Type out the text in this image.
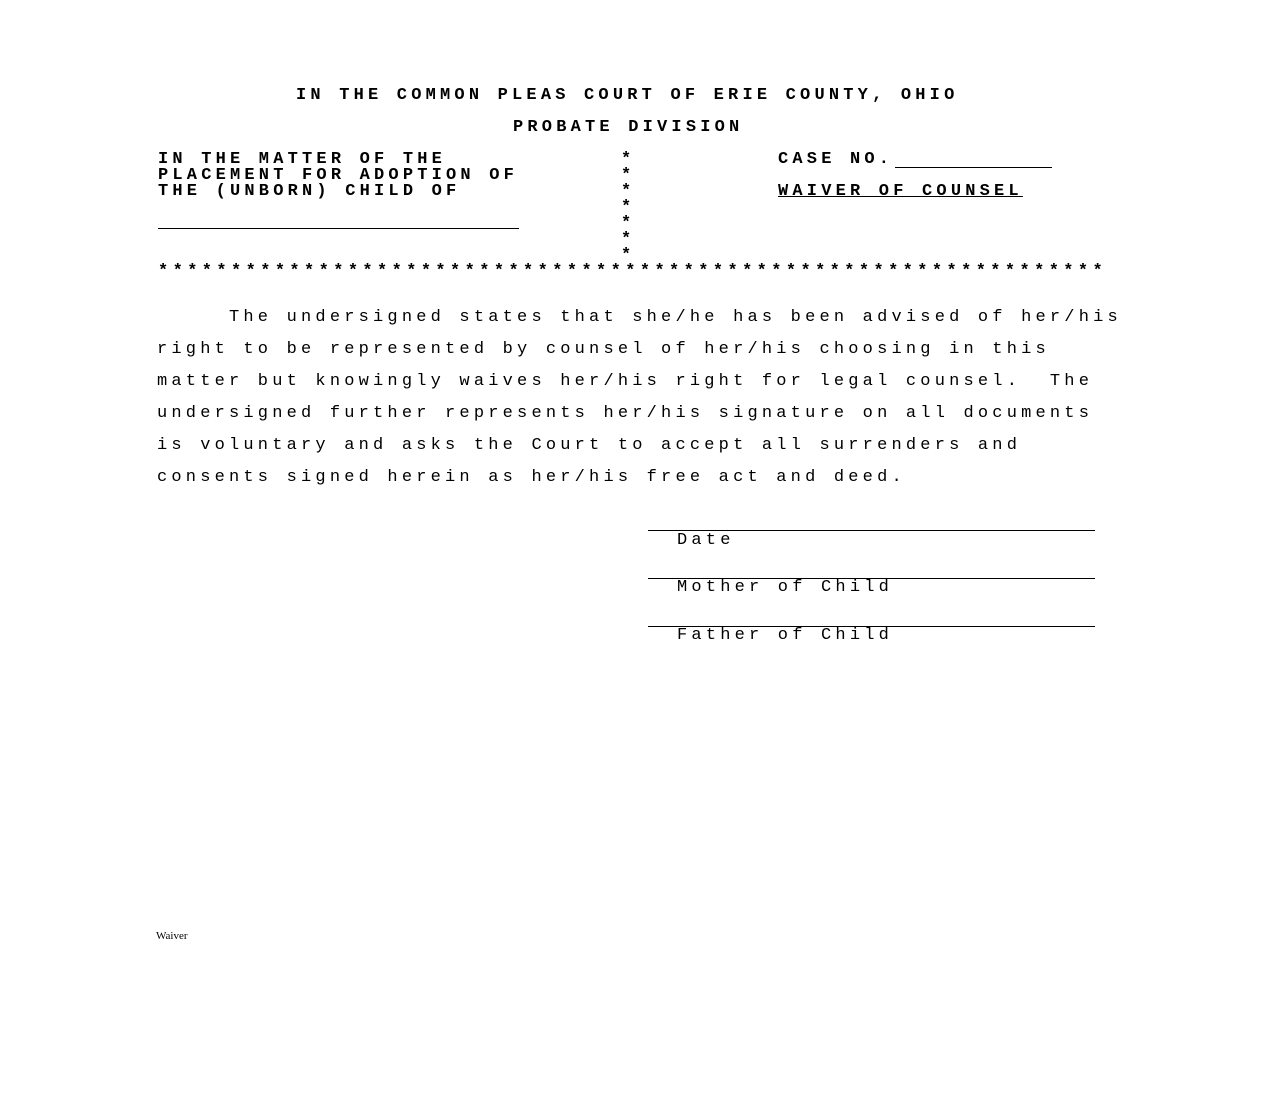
IN THE COMMON PLEAS COURT OF ERIE COUNTY, OHIO
PROBATE DIVISION
IN THE MATTER OF THE
PLACEMENT FOR ADOPTION OF
THE (UNBORN) CHILD OF
*
*
*
*
*
*
*
CASE NO.
WAIVER OF COUNSEL
*****************************************************************
The undersigned states that she/he has been advised of her/his
right to be represented by counsel of her/his choosing in this
matter but knowingly waives her/his right for legal counsel.  The
undersigned further represents her/his signature on all documents
is voluntary and asks the Court to accept all surrenders and
consents signed herein as her/his free act and deed.
Date
Mother of Child
Father of Child
Waiver
